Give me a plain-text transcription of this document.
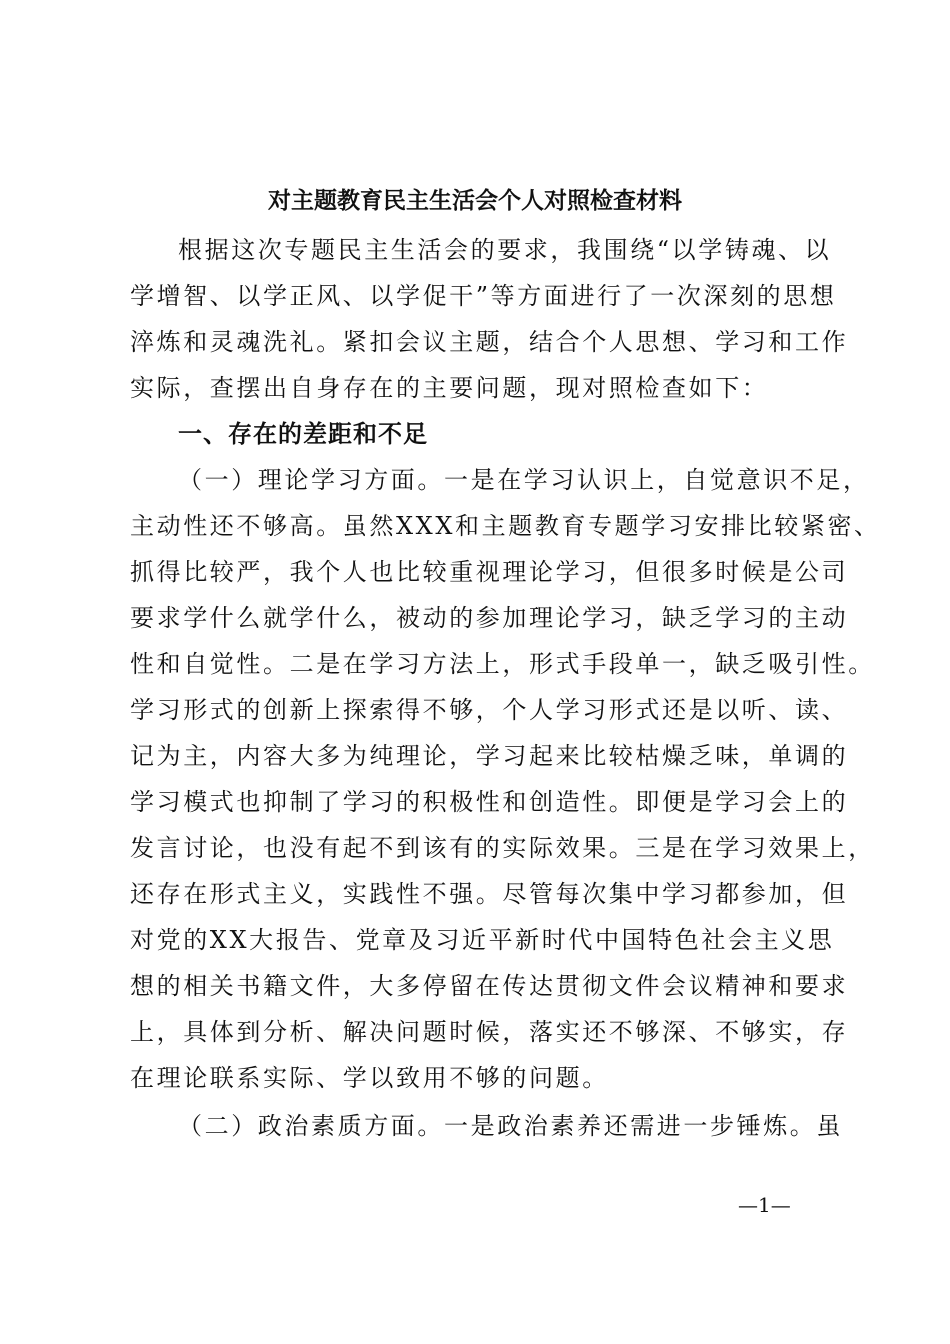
对主题教育民主生活会个人对照检查材料

根据这次专题民主生活会的要求，我围绕“以学铸魂、以

学增智、以学正风、以学促干”等方面进行了一次深刻的思想

淬炼和灵魂洗礼。紧扣会议主题，结合个人思想、学习和工作

实际，查摆出自身存在的主要问题，现对照检查如下：

一、存在的差距和不足

（一）理论学习方面。一是在学习认识上，自觉意识不足，

主动性还不够高。虽然XXX和主题教育专题学习安排比较紧密、

抓得比较严，我个人也比较重视理论学习，但很多时候是公司

要求学什么就学什么，被动的参加理论学习，缺乏学习的主动

性和自觉性。二是在学习方法上，形式手段单一，缺乏吸引性。

学习形式的创新上探索得不够，个人学习形式还是以听、读、

记为主，内容大多为纯理论，学习起来比较枯燥乏味，单调的

学习模式也抑制了学习的积极性和创造性。即便是学习会上的

发言讨论，也没有起不到该有的实际效果。三是在学习效果上，

还存在形式主义，实践性不强。尽管每次集中学习都参加，但

对党的XX大报告、党章及习近平新时代中国特色社会主义思

想的相关书籍文件，大多停留在传达贯彻文件会议精神和要求

上，具体到分析、解决问题时候，落实还不够深、不够实，存

在理论联系实际、学以致用不够的问题。

（二）政治素质方面。一是政治素养还需进一步锤炼。虽

—1—
